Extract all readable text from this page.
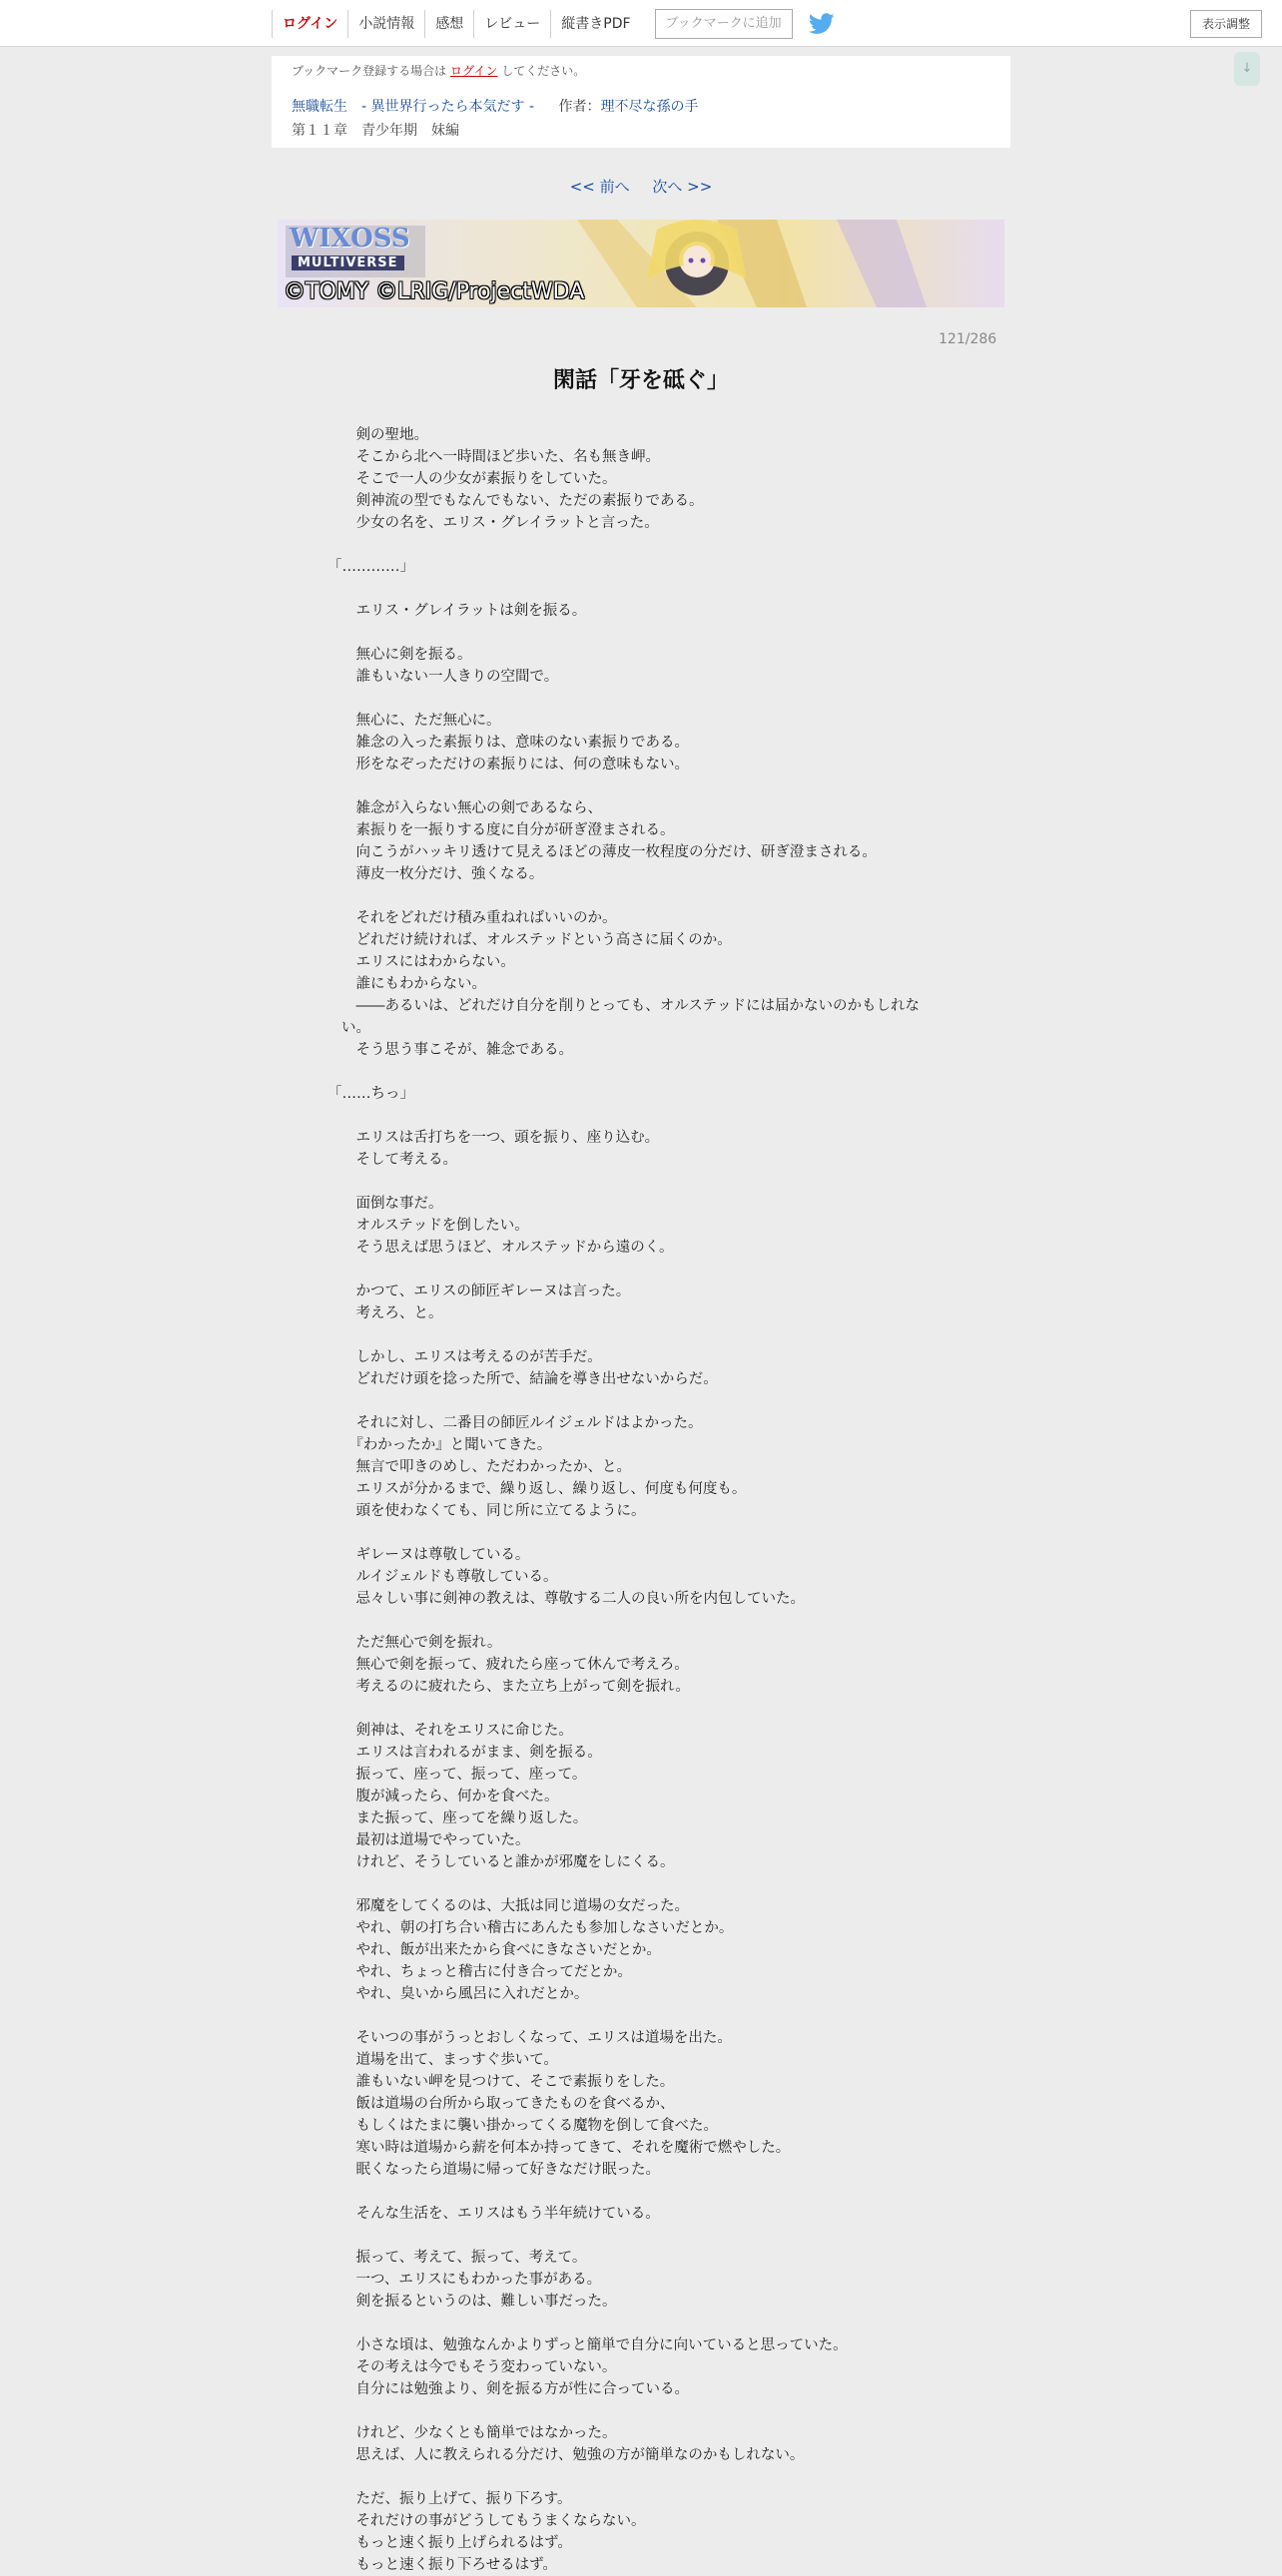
ログイン	小説情報	感想	レビュー	縦書きPDF	ブックマークに追加	表示調整
↓
ブックマーク登録する場合は ログイン してください。
無職転生　- 異世界行ったら本気だす - 作者：理不尽な孫の手
第１１章　青少年期　妹編
<< 前へ 次へ >>
WIXOSS
MULTIVERSE
©TOMY ©LRIG/ProjectWDA
121/286
閑話「牙を砥ぐ」
　剣の聖地。
　そこから北へ一時間ほど歩いた、名も無き岬。
　そこで一人の少女が素振りをしていた。
　剣神流の型でもなんでもない、ただの素振りである。
　少女の名を、エリス・グレイラットと言った。
「…………」
　エリス・グレイラットは剣を振る。
　無心に剣を振る。
　誰もいない一人きりの空間で。
　無心に、ただ無心に。
　雑念の入った素振りは、意味のない素振りである。
　形をなぞっただけの素振りには、何の意味もない。
　雑念が入らない無心の剣であるなら、
　素振りを一振りする度に自分が研ぎ澄まされる。
　向こうがハッキリ透けて見えるほどの薄皮一枚程度の分だけ、研ぎ澄まされる。
　薄皮一枚分だけ、強くなる。
　それをどれだけ積み重ねればいいのか。
　どれだけ続ければ、オルステッドという高さに届くのか。
　エリスにはわからない。
　誰にもわからない。
　――あるいは、どれだけ自分を削りとっても、オルステッドには届かないのかもしれない。
　そう思う事こそが、雑念である。
「……ちっ」
　エリスは舌打ちを一つ、頭を振り、座り込む。
　そして考える。
　面倒な事だ。
　オルステッドを倒したい。
　そう思えば思うほど、オルステッドから遠のく。
　かつて、エリスの師匠ギレーヌは言った。
　考えろ、と。
　しかし、エリスは考えるのが苦手だ。
　どれだけ頭を捻った所で、結論を導き出せないからだ。
　それに対し、二番目の師匠ルイジェルドはよかった。
　『わかったか』と聞いてきた。
　無言で叩きのめし、ただわかったか、と。
　エリスが分かるまで、繰り返し、繰り返し、何度も何度も。
　頭を使わなくても、同じ所に立てるように。
　ギレーヌは尊敬している。
　ルイジェルドも尊敬している。
　忌々しい事に剣神の教えは、尊敬する二人の良い所を内包していた。
　ただ無心で剣を振れ。
　無心で剣を振って、疲れたら座って休んで考えろ。
　考えるのに疲れたら、また立ち上がって剣を振れ。
　剣神は、それをエリスに命じた。
　エリスは言われるがまま、剣を振る。
　振って、座って、振って、座って。
　腹が減ったら、何かを食べた。
　また振って、座ってを繰り返した。
　最初は道場でやっていた。
　けれど、そうしていると誰かが邪魔をしにくる。
　邪魔をしてくるのは、大抵は同じ道場の女だった。
　やれ、朝の打ち合い稽古にあんたも参加しなさいだとか。
　やれ、飯が出来たから食べにきなさいだとか。
　やれ、ちょっと稽古に付き合ってだとか。
　やれ、臭いから風呂に入れだとか。
　そいつの事がうっとおしくなって、エリスは道場を出た。
　道場を出て、まっすぐ歩いて。
　誰もいない岬を見つけて、そこで素振りをした。
　飯は道場の台所から取ってきたものを食べるか、
　もしくはたまに襲い掛かってくる魔物を倒して食べた。
　寒い時は道場から薪を何本か持ってきて、それを魔術で燃やした。
　眠くなったら道場に帰って好きなだけ眠った。
　そんな生活を、エリスはもう半年続けている。
　振って、考えて、振って、考えて。
　一つ、エリスにもわかった事がある。
　剣を振るというのは、難しい事だった。
　小さな頃は、勉強なんかよりずっと簡単で自分に向いていると思っていた。
　その考えは今でもそう変わっていない。
　自分には勉強より、剣を振る方が性に合っている。
　けれど、少なくとも簡単ではなかった。
　思えば、人に教えられる分だけ、勉強の方が簡単なのかもしれない。
　ただ、振り上げて、振り下ろす。
　それだけの事がどうしてもうまくならない。
　もっと速く振り上げられるはず。
　もっと速く振り下ろせるはず。
